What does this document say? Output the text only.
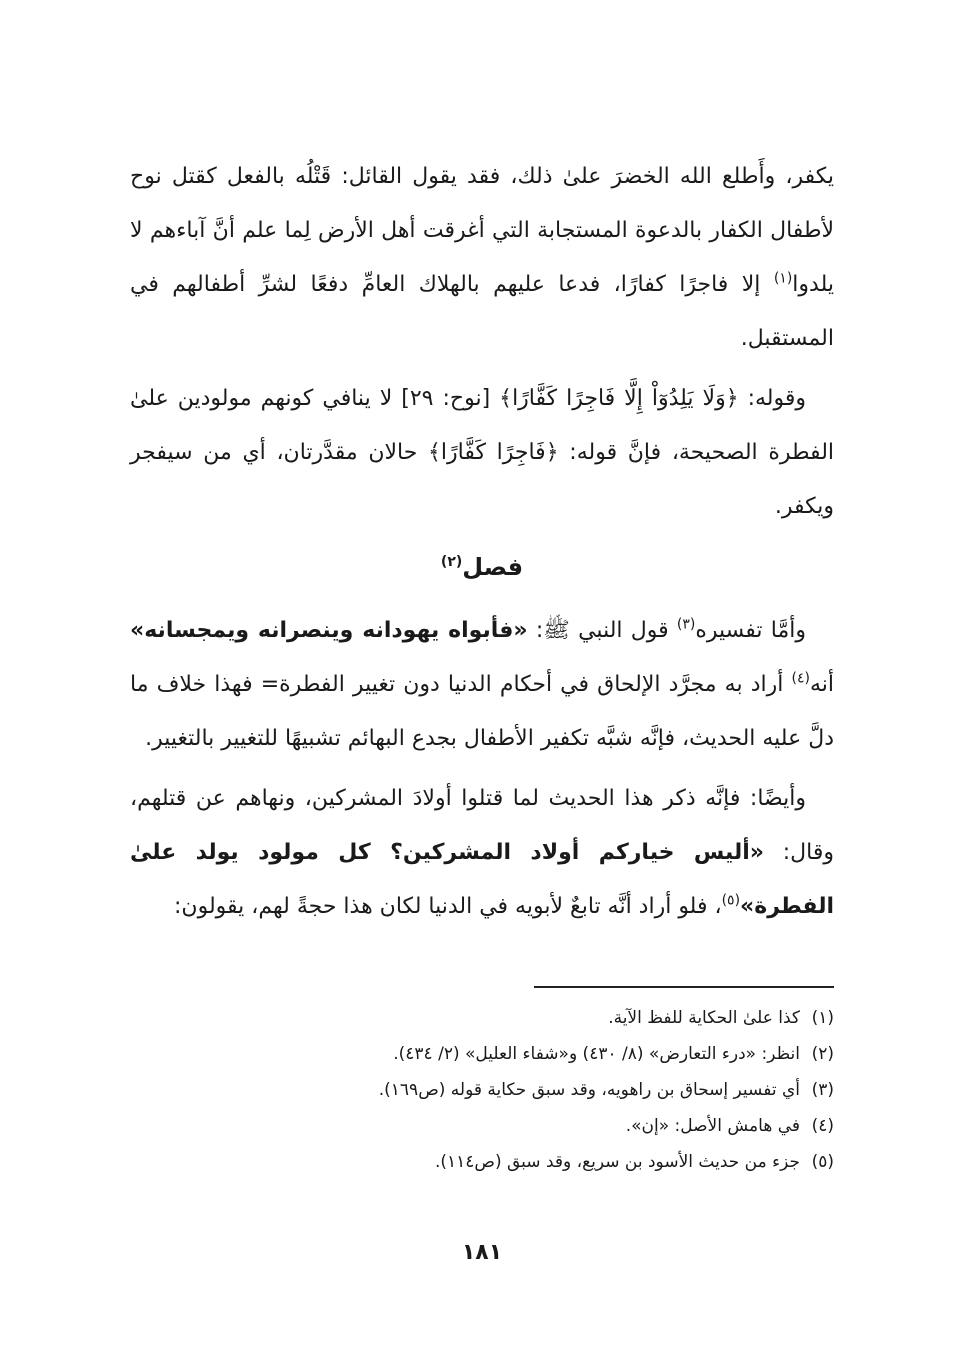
يكفر، وأَطلع الله الخضرَ علىٰ ذلك، فقد يقول القائل: قَتْلُه بالفعل كقتل نوح لأطفال الكفار بالدعوة المستجابة التي أغرقت أهل الأرض لِما علم أنَّ آباءهم لا يلدوا$^{(١)}$ إلا فاجرًا كفارًا، فدعا عليهم بالهلاك العامِّ دفعًا لشرِّ أطفالهم في المستقبل.

وقوله: ﴿وَلَا يَلِدُوٓاْ إِلَّا فَاجِرًا كَفَّارًا﴾ [نوح: ٢٩] لا ينافي كونهم مولودين علىٰ الفطرة الصحيحة، فإنَّ قوله: ﴿فَاجِرًا كَفَّارًا﴾ حالان مقدَّرتان، أي من سيفجر ويكفر.

فصل$^{(٢)}$

وأمَّا تفسيره$^{(٣)}$ قول النبي ﷺ: «فأبواه يهودانه وينصرانه ويمجسانه» أنه$^{(٤)}$ أراد به مجرَّد الإلحاق في أحكام الدنيا دون تغيير الفطرة= فهذا خلاف ما دلَّ عليه الحديث، فإنَّه شبَّه تكفير الأطفال بجدع البهائم تشبيهًا للتغيير بالتغيير.

وأيضًا: فإنَّه ذكر هذا الحديث لما قتلوا أولادَ المشركين، ونهاهم عن قتلهم، وقال: «أليس خياركم أولاد المشركين؟ كل مولود يولد علىٰ الفطرة»$^{(٥)}$، فلو أراد أنَّه تابعٌ لأبويه في الدنيا لكان هذا حجةً لهم، يقولون:

(١)كذا علىٰ الحكاية للفظ الآية.
(٢)انظر: «درء التعارض» (٨/ ٤٣٠) و«شفاء العليل» (٢/ ٤٣٤).
(٣)أي تفسير إسحاق بن راهويه، وقد سبق حكاية قوله (ص١٦٩).
(٤)في هامش الأصل: «إن».
(٥)جزء من حديث الأسود بن سريع، وقد سبق (ص١١٤).
١٨١
